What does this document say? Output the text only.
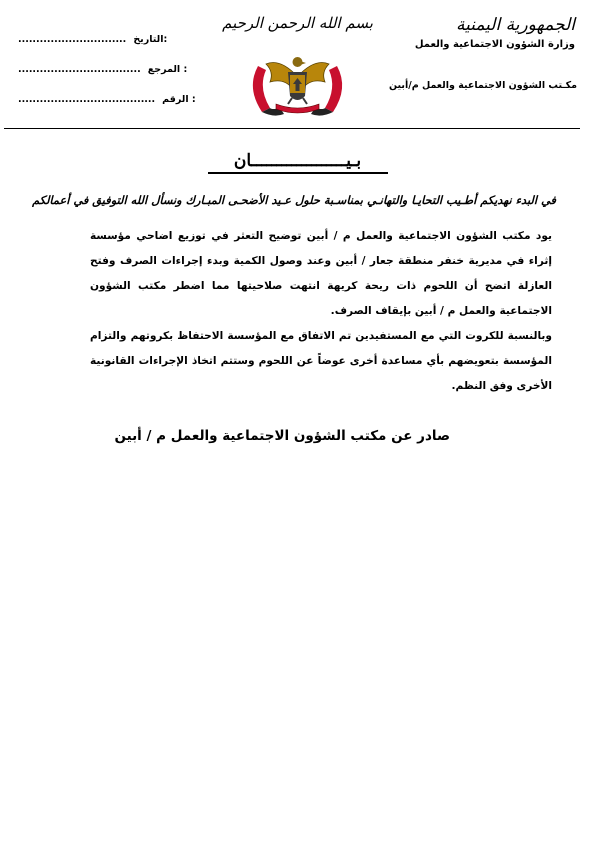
الجمهورية اليمنية
وزارة الشؤون الاجتماعية والعمل
مكـتب الشؤون الاجتماعية والعمل م/أبين
بسم الله الرحمن الرحيم
.............................. التاريخ:
.................................. المرجع :
...................................... الرقم :
بـيـــــــــــــــــــان
في البدء نهديكم أطـيب التحايـا والتهانـي بمناسـبة حلول عـيد الأضحـى المبـارك ونسأل الله التوفيق في أعمالكم

يود مكتب الشؤون الاجتماعية والعمل م / أبين توضيح التعثر في توزيع اضاحي مؤسسة إثراء في مديرية خنفر منطقة جعار / أبين وعند وصول الكمية وبدء إجراءات الصرف وفتح العازلة اتضح أن اللحوم ذات ريحة كريهة انتهت صلاحيتها مما اضطر مكتب الشؤون الاجتماعية والعمل م / أبين بإيقاف الصرف.

وبالنسبة للكروت التي مع المستفيدين تم الاتفاق مع المؤسسة الاحتفاظ بكروتهم والتزام المؤسسة بتعويضهم بأي مساعدة أخرى عوضاً عن اللحوم وستتم اتخاذ الإجراءات القانونية الأخرى وفق النظم.

صادر عن مكتب الشؤون الاجتماعية والعمل م / أبين
